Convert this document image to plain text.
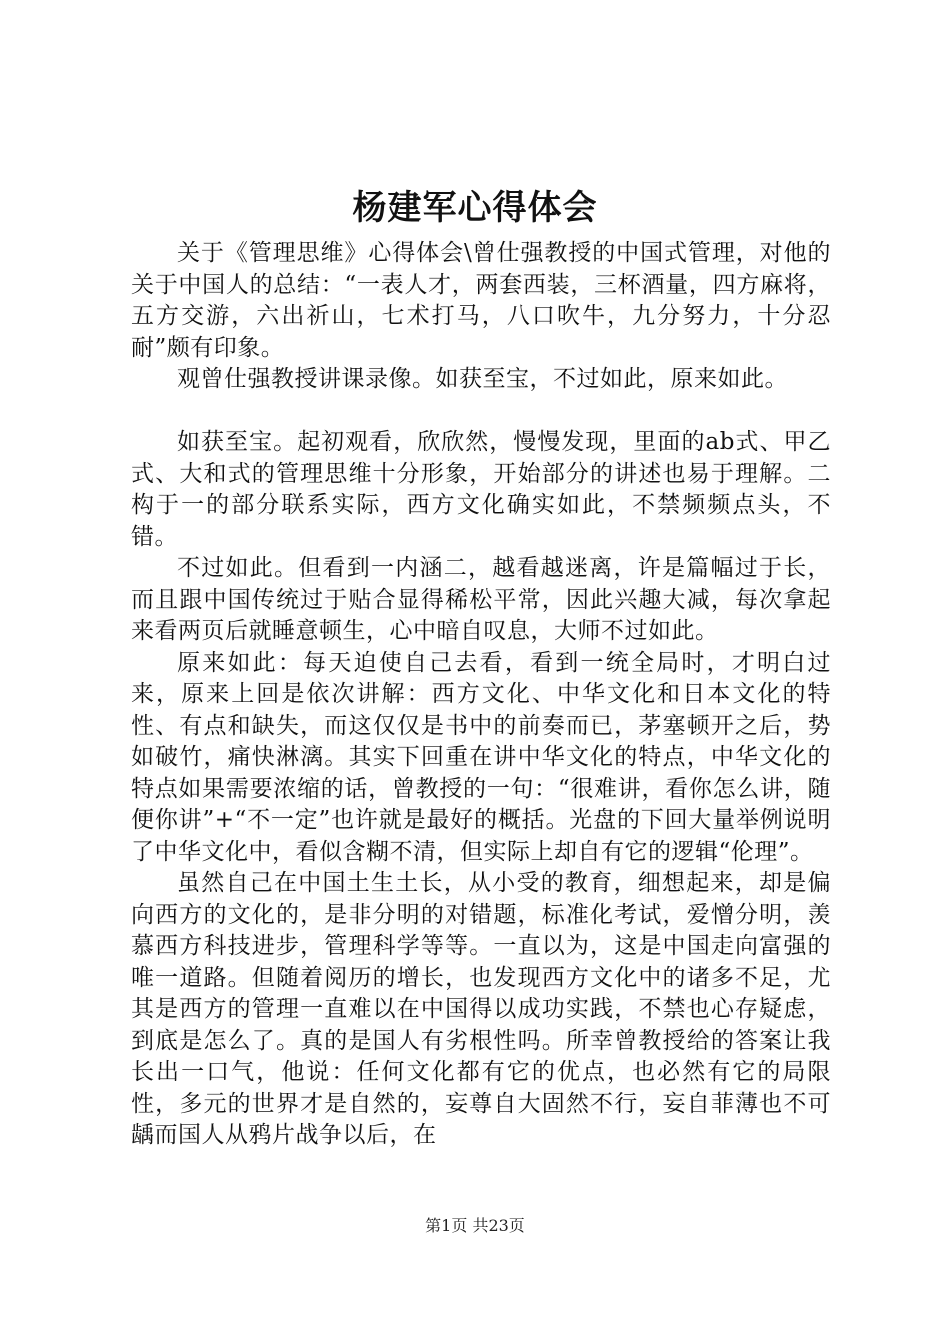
杨建军心得体会

关于《管理思维》心得体会\曾仕强教授的中国式管理，对他的关于中国人的总结：“一表人才，两套西装，三杯酒量，四方麻将，五方交游，六出祈山，七术打马，八口吹牛，九分努力，十分忍耐”颇有印象。

观曾仕强教授讲课录像。如获至宝，不过如此，原来如此。

如获至宝。起初观看，欣欣然，慢慢发现，里面的ab式、甲乙式、大和式的管理思维十分形象，开始部分的讲述也易于理解。二构于一的部分联系实际，西方文化确实如此，不禁频频点头，不错。

不过如此。但看到一内涵二，越看越迷离，许是篇幅过于长，而且跟中国传统过于贴合显得稀松平常，因此兴趣大减，每次拿起来看两页后就睡意顿生，心中暗自叹息，大师不过如此。

原来如此：每天迫使自己去看，看到一统全局时，才明白过来，原来上回是依次讲解：西方文化、中华文化和日本文化的特性、有点和缺失，而这仅仅是书中的前奏而已，茅塞顿开之后，势如破竹，痛快淋漓。其实下回重在讲中华文化的特点，中华文化的特点如果需要浓缩的话，曾教授的一句：“很难讲，看你怎么讲，随便你讲”+“不一定”也许就是最好的概括。光盘的下回大量举例说明了中华文化中，看似含糊不清，但实际上却自有它的逻辑“伦理”。

虽然自己在中国土生土长，从小受的教育，细想起来，却是偏向西方的文化的，是非分明的对错题，标准化考试，爱憎分明，羡慕西方科技进步，管理科学等等。一直以为，这是中国走向富强的唯一道路。但随着阅历的增长，也发现西方文化中的诸多不足，尤其是西方的管理一直难以在中国得以成功实践，不禁也心存疑虑，到底是怎么了。真的是国人有劣根性吗。所幸曾教授给的答案让我长出一口气，他说：任何文化都有它的优点，也必然有它的局限性，多元的世界才是自然的，妄尊自大固然不行，妄自菲薄也不可龋而国人从鸦片战争以后，在

第1页 共23页
